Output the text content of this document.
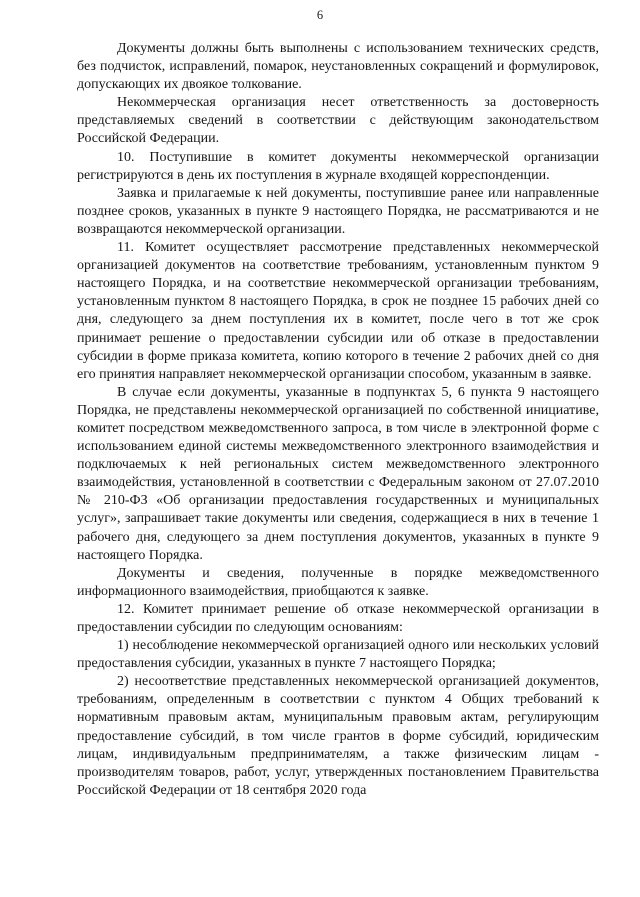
6

Документы должны быть выполнены с использованием технических средств, без подчисток, исправлений, помарок, неустановленных сокращений и формулировок, допускающих их двоякое толкование.

Некоммерческая организация несет ответственность за достоверность представляемых сведений в соответствии с действующим законодательством Российской Федерации.

10. Поступившие в комитет документы некоммерческой организации регистрируются в день их поступления в журнале входящей корреспонденции.

Заявка и прилагаемые к ней документы, поступившие ранее или направленные позднее сроков, указанных в пункте 9 настоящего Порядка, не рассматриваются и не возвращаются некоммерческой организации.

11. Комитет осуществляет рассмотрение представленных некоммерческой организацией документов на соответствие требованиям, установленным пунктом 9 настоящего Порядка, и на соответствие некоммерческой организации требованиям, установленным пунктом 8 настоящего Порядка, в срок не позднее 15 рабочих дней со дня, следующего за днем поступления их в комитет, после чего в тот же срок принимает решение о предоставлении субсидии или об отказе в предоставлении субсидии в форме приказа комитета, копию которого в течение 2 рабочих дней со дня его принятия направляет некоммерческой организации способом, указанным в заявке.

В случае если документы, указанные в подпунктах 5, 6 пункта 9 настоящего Порядка, не представлены некоммерческой организацией по собственной инициативе, комитет посредством межведомственного запроса, в том числе в электронной форме с использованием единой системы межведомственного электронного взаимодействия и подключаемых к ней региональных систем межведомственного электронного взаимодействия, установленной в соответствии с Федеральным законом от 27.07.2010 № 210-ФЗ «Об организации предоставления государственных и муниципальных услуг», запрашивает такие документы или сведения, содержащиеся в них в течение 1 рабочего дня, следующего за днем поступления документов, указанных в пункте 9 настоящего Порядка.

Документы и сведения, полученные в порядке межведомственного информационного взаимодействия, приобщаются к заявке.

12. Комитет принимает решение об отказе некоммерческой организации в предоставлении субсидии по следующим основаниям:

1) несоблюдение некоммерческой организацией одного или нескольких условий предоставления субсидии, указанных в пункте 7 настоящего Порядка;

2) несоответствие представленных некоммерческой организацией документов, требованиям, определенным в соответствии с пунктом 4 Общих требований к нормативным правовым актам, муниципальным правовым актам, регулирующим предоставление субсидий, в том числе грантов в форме субсидий, юридическим лицам, индивидуальным предпринимателям, а также физическим лицам - производителям товаров, работ, услуг, утвержденных постановлением Правительства Российской Федерации от 18 сентября 2020 года
